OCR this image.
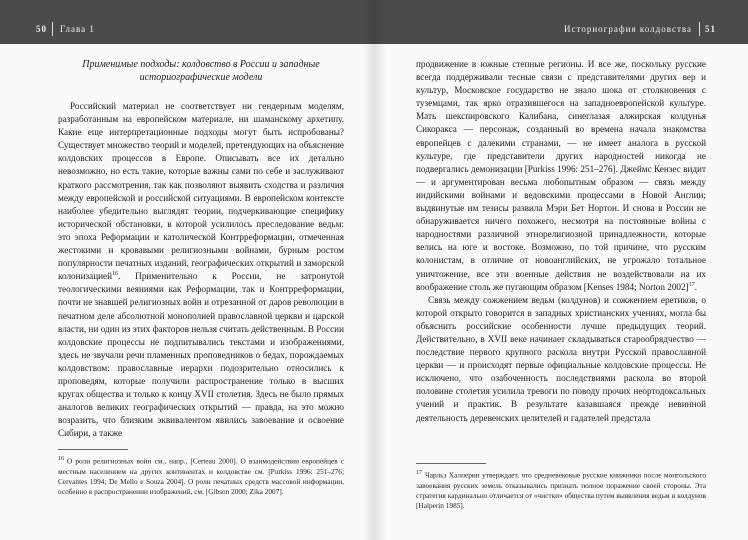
50 Глава 1
Применимые подходы: колдовство в России и западные историографические модели

Российский материал не соответствует ни гендерным моделям, разработанным на европейском материале, ни шаманскому архетипу. Какие еще интерпретационные подходы могут быть испробованы? Существует множество теорий и моделей, претендующих на объяснение колдовских процессов в Европе. Описывать все их детально невозможно, но есть такие, которые важны сами по себе и заслуживают краткого рассмотрения, так как позволяют выявить сходства и различия между европейской и российской ситуациями. В европейском контексте наиболее убедительно выглядят теории, подчеркивающие специфику исторической обстановки, в которой усилилось преследование ведьм: это эпоха Реформации и католической Контрреформации, отмеченная жестокими и кровавыми религиозными войнами, бурным ростом популярности печатных изданий, географических открытий и заморской колонизацией$^{16}$. Применительно к России, не затронутой теологическими веяниями как Реформации, так и Контрреформации, почти не знавшей религиозных войн и отрезанной от даров революции в печатном деле абсолютной монополией православной церкви и царской власти, ни один из этих факторов нельзя считать действенным. В России колдовские процессы не подпитывались текстами и изображениями, здесь не звучали речи пламенных проповедников о бедах, порождаемых колдовством: православные иерархи подозрительно относились к проповедям, которые получили распространение только в высших кругах общества и только к концу XVII столетия. Здесь не было прямых аналогов великих географических открытий — правда, на это можно возразить, что близким эквивалентом явились завоевание и освоение Сибири, а также

$^{16}$ О роли религиозных войн см., напр., [Certeau 2000]. О взаимодействии европейцев с местным населением на других континентах и колдовстве см. [Purkiss 1996: 251–276; Cervantes 1994; De Mello e Souza 2004]. О роли печатных средств массовой информации, особенно в распространении изображений, см. [Gibson 2000; Zika 2007].
Историография колдовства 51

продвижение в южные степные регионы. И все же, поскольку русские всегда поддерживали тесные связи с представителями других вер и культур, Московское государство не знало шока от столкновения с туземцами, так ярко отразившегося на западноевропейской культуре. Мать шекспировского Калибана, синеглазая алжирская колдунья Сикоракса — персонаж, созданный во времена начала знакомства европейцев с далекими странами, — не имеет аналога в русской культуре, где представители других народностей никогда не подвергались демонизации [Purkiss 1996: 251–276]. Джеймс Кензес видит — и аргументирован весьма любопытным образом — связь между индийскими войнами и ведовскими процессами в Новой Англии; выдвинутые им тезисы развила Мэри Бет Нортон. И снова в России не обнаруживается ничего похожего, несмотря на постоянные войны с народностями различной этнорелигиозной принадлежности, которые велись на юге и востоке. Возможно, по той причине, что русским колонистам, в отличие от новоанглийских, не угрожало тотальное уничтожение, все эти военные действия не воздействовали на их воображение столь же пугающим образом [Kenses 1984; Norton 2002]$^{17}$.

Связь между сожжением ведьм (колдунов) и сожжением еретиков, о которой открыто говорится в западных христианских учениях, могла бы объяснить российские особенности лучше предыдущих теорий. Действительно, в XVII веке начинает складываться старообрядчество — последствие первого крупного раскола внутри Русской православной церкви — и происходят первые официальные колдовские процессы. Не исключено, что озабоченность последствиями раскола во второй половине столетия усилила тревоги по поводу прочих неортодоксальных учений и практик. В результате казавшаяся прежде невинной деятельность деревенских целителей и гадателей предстала

$^{17}$ Чарльз Халперин утверждает, что средневековые русские книжники после монгольского завоевания русских земель отказывались признать полное поражение своей стороны. Эта стратегия кардинально отличается от «чистки» общества путем выявления ведьм и колдунов [Halperin 1985].
